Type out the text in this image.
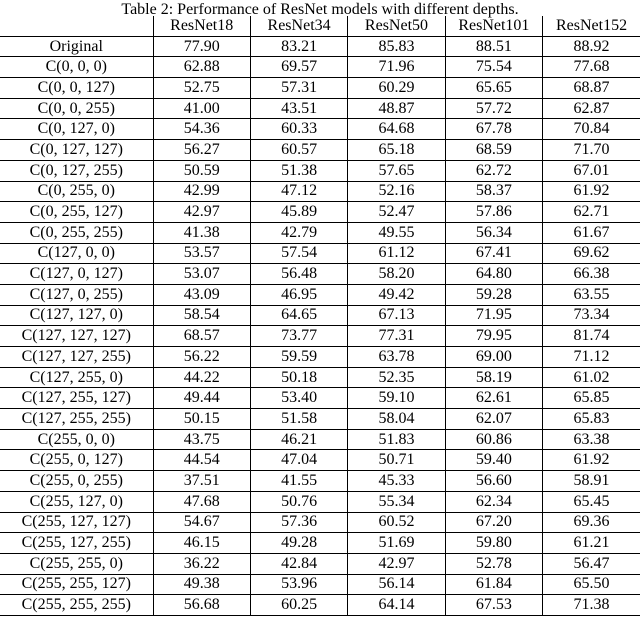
Table 2: Performance of ResNet models with different depths.
	ResNet18	ResNet34	ResNet50	ResNet101	ResNet152
Original	77.90	83.21	85.83	88.51	88.92
C(0, 0, 0)	62.88	69.57	71.96	75.54	77.68
C(0, 0, 127)	52.75	57.31	60.29	65.65	68.87
C(0, 0, 255)	41.00	43.51	48.87	57.72	62.87
C(0, 127, 0)	54.36	60.33	64.68	67.78	70.84
C(0, 127, 127)	56.27	60.57	65.18	68.59	71.70
C(0, 127, 255)	50.59	51.38	57.65	62.72	67.01
C(0, 255, 0)	42.99	47.12	52.16	58.37	61.92
C(0, 255, 127)	42.97	45.89	52.47	57.86	62.71
C(0, 255, 255)	41.38	42.79	49.55	56.34	61.67
C(127, 0, 0)	53.57	57.54	61.12	67.41	69.62
C(127, 0, 127)	53.07	56.48	58.20	64.80	66.38
C(127, 0, 255)	43.09	46.95	49.42	59.28	63.55
C(127, 127, 0)	58.54	64.65	67.13	71.95	73.34
C(127, 127, 127)	68.57	73.77	77.31	79.95	81.74
C(127, 127, 255)	56.22	59.59	63.78	69.00	71.12
C(127, 255, 0)	44.22	50.18	52.35	58.19	61.02
C(127, 255, 127)	49.44	53.40	59.10	62.61	65.85
C(127, 255, 255)	50.15	51.58	58.04	62.07	65.83
C(255, 0, 0)	43.75	46.21	51.83	60.86	63.38
C(255, 0, 127)	44.54	47.04	50.71	59.40	61.92
C(255, 0, 255)	37.51	41.55	45.33	56.60	58.91
C(255, 127, 0)	47.68	50.76	55.34	62.34	65.45
C(255, 127, 127)	54.67	57.36	60.52	67.20	69.36
C(255, 127, 255)	46.15	49.28	51.69	59.80	61.21
C(255, 255, 0)	36.22	42.84	42.97	52.78	56.47
C(255, 255, 127)	49.38	53.96	56.14	61.84	65.50
C(255, 255, 255)	56.68	60.25	64.14	67.53	71.38
